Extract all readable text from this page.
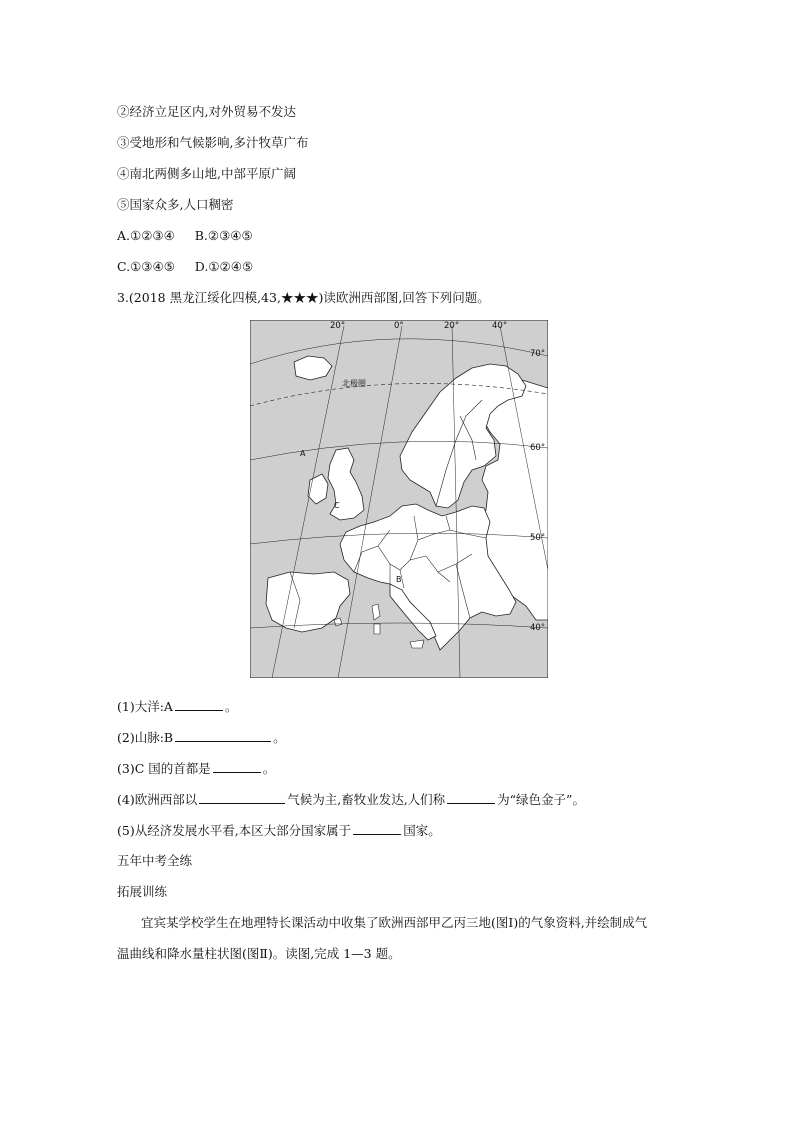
②经济立足区内,对外贸易不发达
③受地形和气候影响,多汁牧草广布
④南北两侧多山地,中部平原广阔
⑤国家众多,人口稠密
A.①②③④ B.②③④⑤
C.①③④⑤ D.①②④⑤
3.(2018 黑龙江绥化四模,43,★★★)读欧洲西部图,回答下列问题。
20°	0°	20°	40°
70°
60°
50°
40°
北极圈
A
B
C
(1)大洋:A	。
(2)山脉:B	。
(3)C 国的首都是	。
(4)欧洲西部以	气候为主,畜牧业发达,人们称	为“绿色金子”。
(5)从经济发展水平看,本区大部分国家属于	国家。
五年中考全练
拓展训练
宜宾某学校学生在地理特长课活动中收集了欧洲西部甲乙丙三地(图Ⅰ)的气象资料,并绘制成气
温曲线和降水量柱状图(图Ⅱ)。读图,完成 1—3 题。
